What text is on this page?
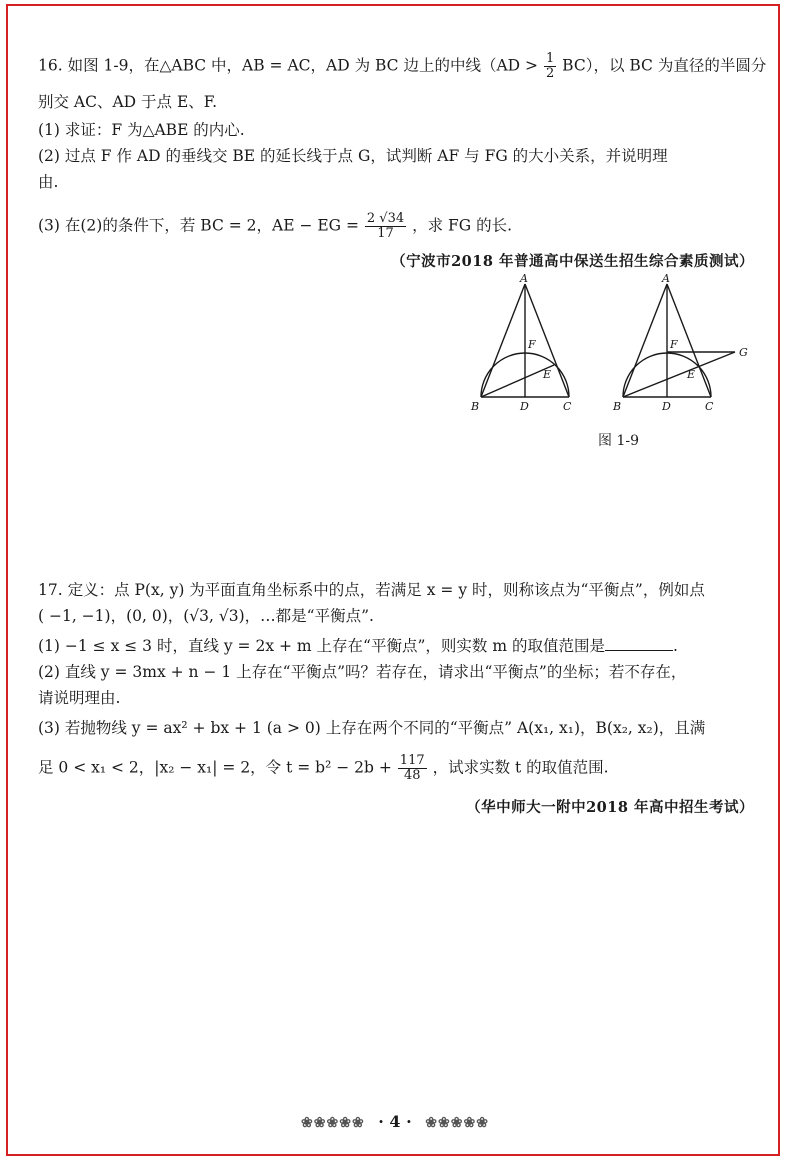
16. 如图 1-9，在△ABC 中，AB = AC，AD 为 BC 边上的中线$(AD > \frac{1}{2} BC)$，以 BC 为直径的半圆分
别交 AC、AD 于点 E、F.
(1) 求证：F 为△ABE 的内心.
(2) 过点 F 作 AD 的垂线交 BE 的延长线于点 G，试判断 AF 与 FG 的大小关系，并说明理
由.
(3) 在(2)的条件下，若 BC = 2，AE − EG = $\frac{2 √34}{17}$ ，求 FG 的长.
（宁波市2018 年普通高中保送生招生综合素质测试）
A
B	D	C
F
E
A
B	D	C
F
E
G
图 1-9
17. 定义：点 P(x, y) 为平面直角坐标系中的点，若满足 x = y 时，则称该点为“平衡点”，例如点
( −1, −1)，(0, 0)，(√3, √3)，…都是“平衡点”.
(1) −1 ≤ x ≤ 3 时，直线 y = 2x + m 上存在“平衡点”，则实数 m 的取值范围是	.
(2) 直线 y = 3mx + n − 1 上存在“平衡点”吗？若存在，请求出“平衡点”的坐标；若不存在，
请说明理由.
(3) 若抛物线 y = ax² + bx + 1 (a > 0) 上存在两个不同的“平衡点” A(x₁, x₁)，B(x₂, x₂)，且满
足 0 < x₁ < 2，|x₂ − x₁| = 2，令 $t = b^2 - 2b + \frac{117}{48}$ ，试求实数 t 的取值范围.
（华中师大一附中2018 年高中招生考试）
❀❀❀❀❀ · 4 · ❀❀❀❀❀
